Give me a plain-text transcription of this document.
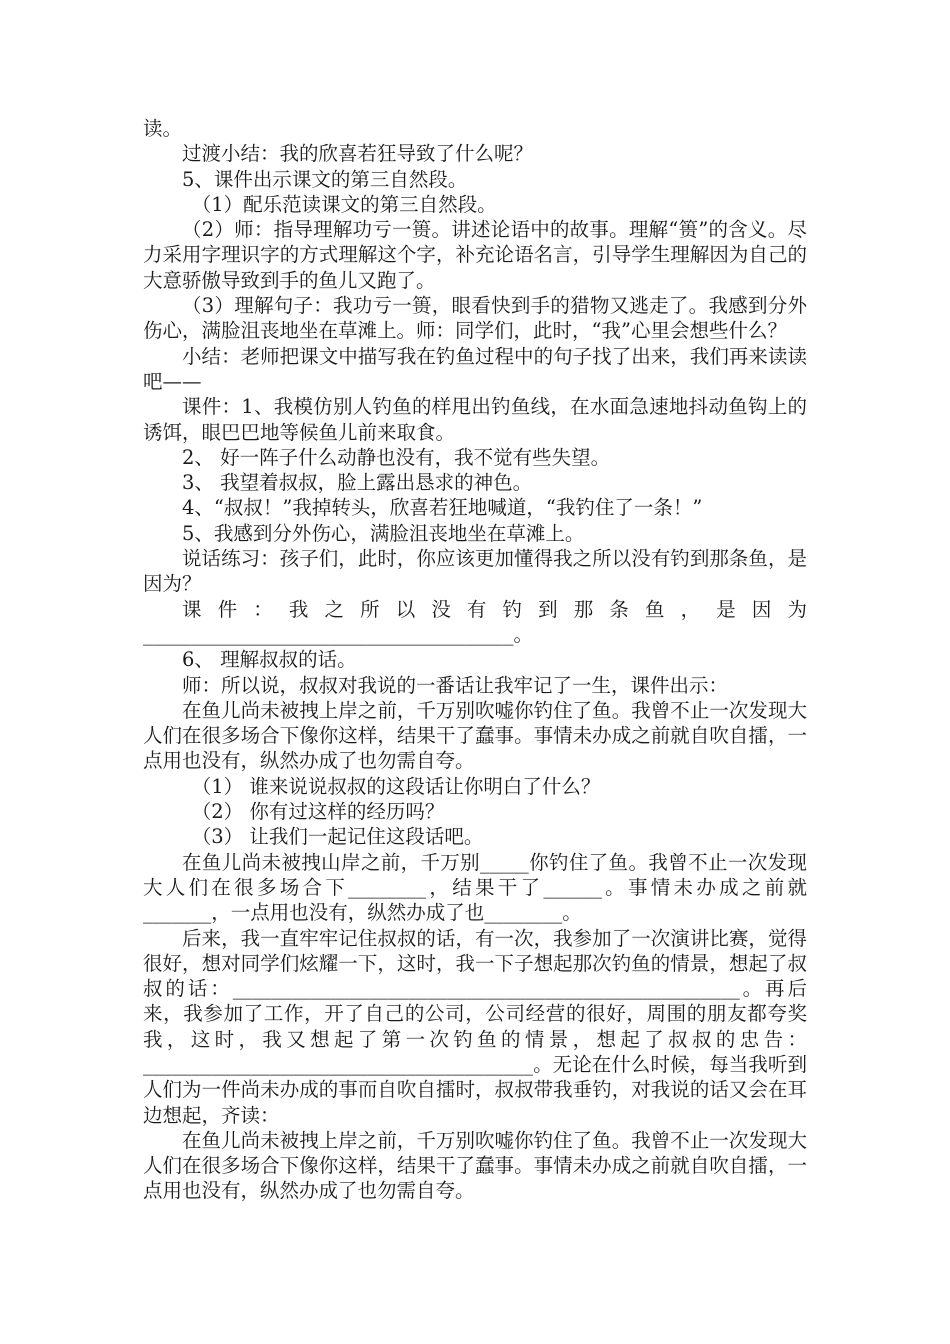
读。

过渡小结：我的欣喜若狂导致了什么呢？

5、课件出示课文的第三自然段。

（1）配乐范读课文的第三自然段。

（2）师：指导理解功亏一篑。讲述论语中的故事。理解“篑”的含义。尽力采用字理识字的方式理解这个字，补充论语名言，引导学生理解因为自己的大意骄傲导致到手的鱼儿又跑了。

（3）理解句子：我功亏一篑，眼看快到手的猎物又逃走了。我感到分外伤心，满脸沮丧地坐在草滩上。师：同学们，此时，“我”心里会想些什么？

小结：老师把课文中描写我在钓鱼过程中的句子找了出来，我们再来读读吧——

课件：1、我模仿别人钓鱼的样甩出钓鱼线，在水面急速地抖动鱼钩上的诱饵，眼巴巴地等候鱼儿前来取食。

2、 好一阵子什么动静也没有，我不觉有些失望。

3、 我望着叔叔，脸上露出恳求的神色。

4、“叔叔！”我掉转头，欣喜若狂地喊道，“我钓住了一条！”

5、我感到分外伤心，满脸沮丧地坐在草滩上。

说话练习：孩子们，此时，你应该更加懂得我之所以没有钓到那条鱼，是因为？

课件：我之所以没有钓到那条鱼，是因为______________________________________。

6、 理解叔叔的话。

师：所以说，叔叔对我说的一番话让我牢记了一生，课件出示：

在鱼儿尚未被拽上岸之前，千万别吹嘘你钓住了鱼。我曾不止一次发现大人们在很多场合下像你这样，结果干了蠢事。事情未办成之前就自吹自擂，一点用也没有，纵然办成了也勿需自夸。

（1） 谁来说说叔叔的这段话让你明白了什么？

（2） 你有过这样的经历吗？

（3） 让我们一起记住这段话吧。

在鱼儿尚未被拽山岸之前，千万别_____你钓住了鱼。我曾不止一次发现大人们在很多场合下________，结果干了______。事情未办成之前就_______，一点用也没有，纵然办成了也________。

后来，我一直牢牢记住叔叔的话，有一次，我参加了一次演讲比赛，觉得很好，想对同学们炫耀一下，这时，我一下子想起那次钓鱼的情景，想起了叔叔的话：____________________________________________________。再后来，我参加了工作，开了自己的公司，公司经营的很好，周围的朋友都夸奖我，这时，我又想起了第一次钓鱼的情景，想起了叔叔的忠告：________________________________________。无论在什么时候，每当我听到人们为一件尚未办成的事而自吹自擂时，叔叔带我垂钓，对我说的话又会在耳边想起，齐读：

在鱼儿尚未被拽上岸之前，千万别吹嘘你钓住了鱼。我曾不止一次发现大人们在很多场合下像你这样，结果干了蠢事。事情未办成之前就自吹自擂，一点用也没有，纵然办成了也勿需自夸。
